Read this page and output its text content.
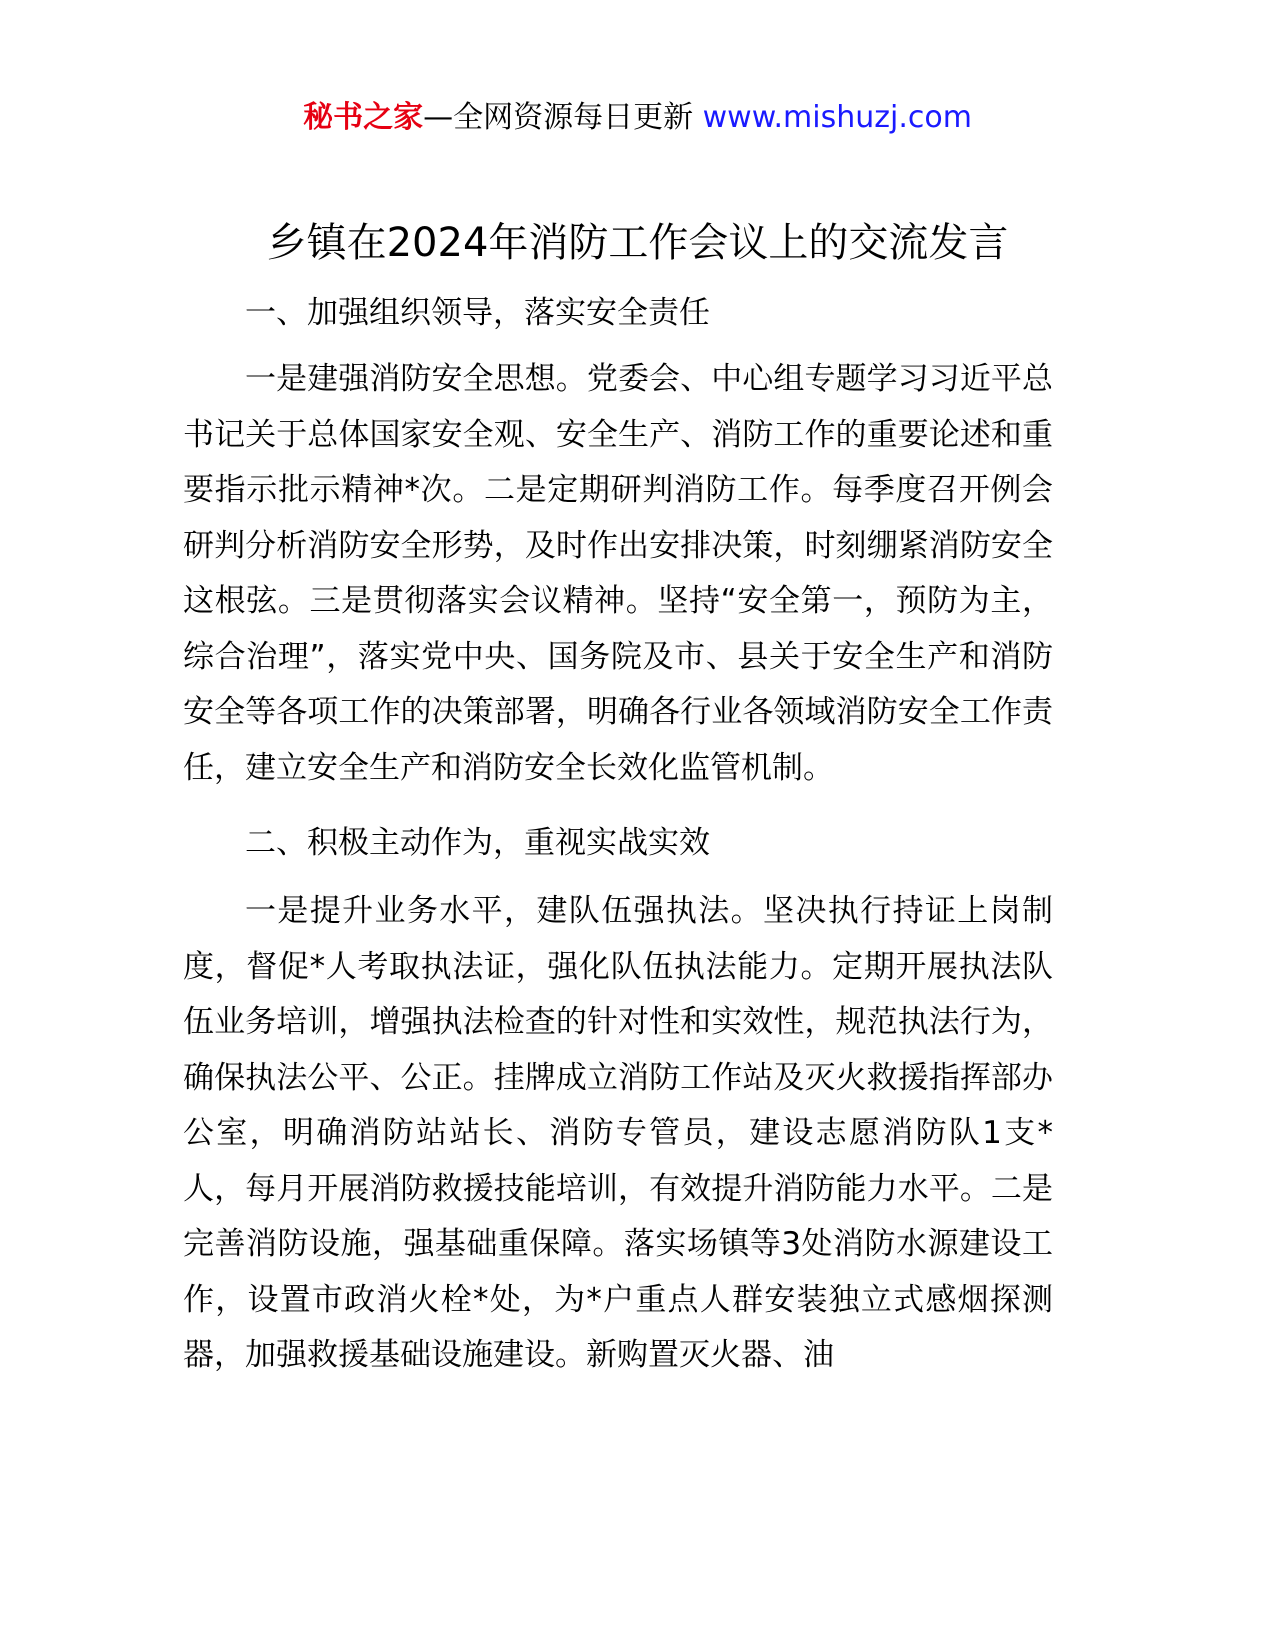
秘书之家—全网资源每日更新 www.mishuzj.com
乡镇在2024年消防工作会议上的交流发言
一、加强组织领导，落实安全责任

一是建强消防安全思想。党委会、中心组专题学习习近平总书记关于总体国家安全观、安全生产、消防工作的重要论述和重要指示批示精神*次。二是定期研判消防工作。每季度召开例会研判分析消防安全形势，及时作出安排决策，时刻绷紧消防安全这根弦。三是贯彻落实会议精神。坚持“安全第一，预防为主，综合治理”，落实党中央、国务院及市、县关于安全生产和消防安全等各项工作的决策部署，明确各行业各领域消防安全工作责任，建立安全生产和消防安全长效化监管机制。

二、积极主动作为，重视实战实效

一是提升业务水平，建队伍强执法。坚决执行持证上岗制度，督促*人考取执法证，强化队伍执法能力。定期开展执法队伍业务培训，增强执法检查的针对性和实效性，规范执法行为，确保执法公平、公正。挂牌成立消防工作站及灭火救援指挥部办公室，明确消防站站长、消防专管员，建设志愿消防队1支*人，每月开展消防救援技能培训，有效提升消防能力水平。二是完善消防设施，强基础重保障。落实场镇等3处消防水源建设工作，设置市政消火栓*处，为*户重点人群安装独立式感烟探测器，加强救援基础设施建设。新购置灭火器、油
